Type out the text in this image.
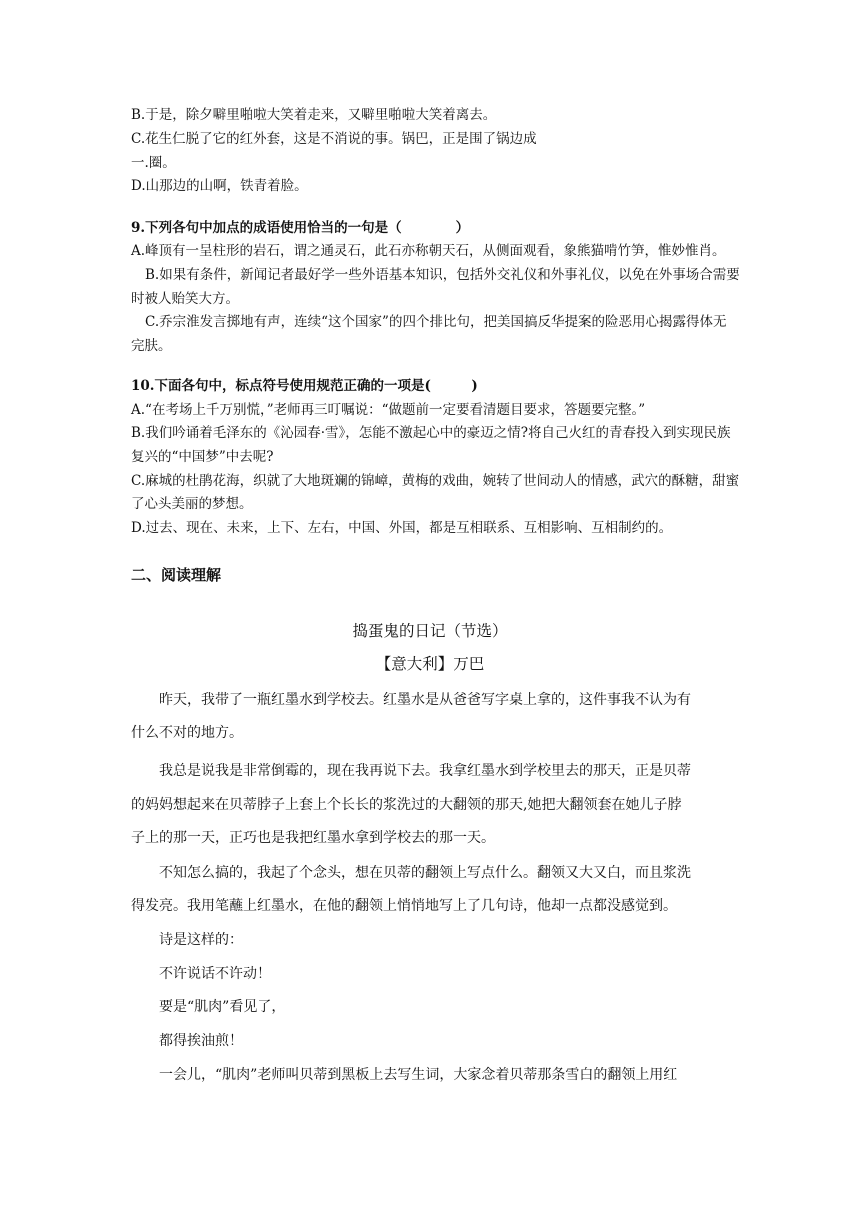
B.于是，除夕噼里啪啦大笑着走来，又噼里啪啦大笑着离去。
C.花生仁脱了它的红外套，这是不消说的事。锅巴，正是围了锅边成
一.圈。
D.山那边的山啊，铁青着脸。
9.下列各句中加点的成语使用恰当的一句是（　　　　）
A.峰顶有一呈柱形的岩石，谓之通灵石，此石亦称朝天石，从侧面观看，象熊猫啃竹笋，惟妙惟肖。
B.如果有条件，新闻记者最好学一些外语基本知识，包括外交礼仪和外事礼仪，以免在外事场合需要
时被人贻笑大方。
C.乔宗淮发言掷地有声，连续“这个国家”的四个排比句，把美国搞反华提案的险恶用心揭露得体无
完肤。
10.下面各句中，标点符号使用规范正确的一项是(　　　)
A.“在考场上千万别慌，”老师再三叮嘱说：“做题前一定要看清题目要求，答题要完整。”
B.我们吟诵着毛泽东的《沁园春·雪》，怎能不激起心中的豪迈之情?将自己火红的青春投入到实现民族
复兴的“中国梦”中去呢?
C.麻城的杜鹃花海，织就了大地斑斓的锦嶂，黄梅的戏曲，婉转了世间动人的情感，武穴的酥糖，甜蜜
了心头美丽的梦想。
D.过去、现在、未来，上下、左右，中国、外国，都是互相联系、互相影响、互相制约的。
二、阅读理解
捣蛋鬼的日记（节选）
【意大利】万巴
昨天，我带了一瓶红墨水到学校去。红墨水是从爸爸写字桌上拿的，这件事我不认为有
什么不对的地方。
我总是说我是非常倒霉的，现在我再说下去。我拿红墨水到学校里去的那天，正是贝蒂
的妈妈想起来在贝蒂脖子上套上个长长的浆洗过的大翻领的那天,她把大翻领套在她儿子脖
子上的那一天，正巧也是我把红墨水拿到学校去的那一天。
不知怎么搞的，我起了个念头，想在贝蒂的翻领上写点什么。翻领又大又白，而且浆洗
得发亮。我用笔蘸上红墨水，在他的翻领上悄悄地写上了几句诗，他却一点都没感觉到。
诗是这样的：
不许说话不许动！
要是“肌肉”看见了，
都得挨油煎！
一会儿，“肌肉”老师叫贝蒂到黑板上去写生词，大家念着贝蒂那条雪白的翻领上用红
